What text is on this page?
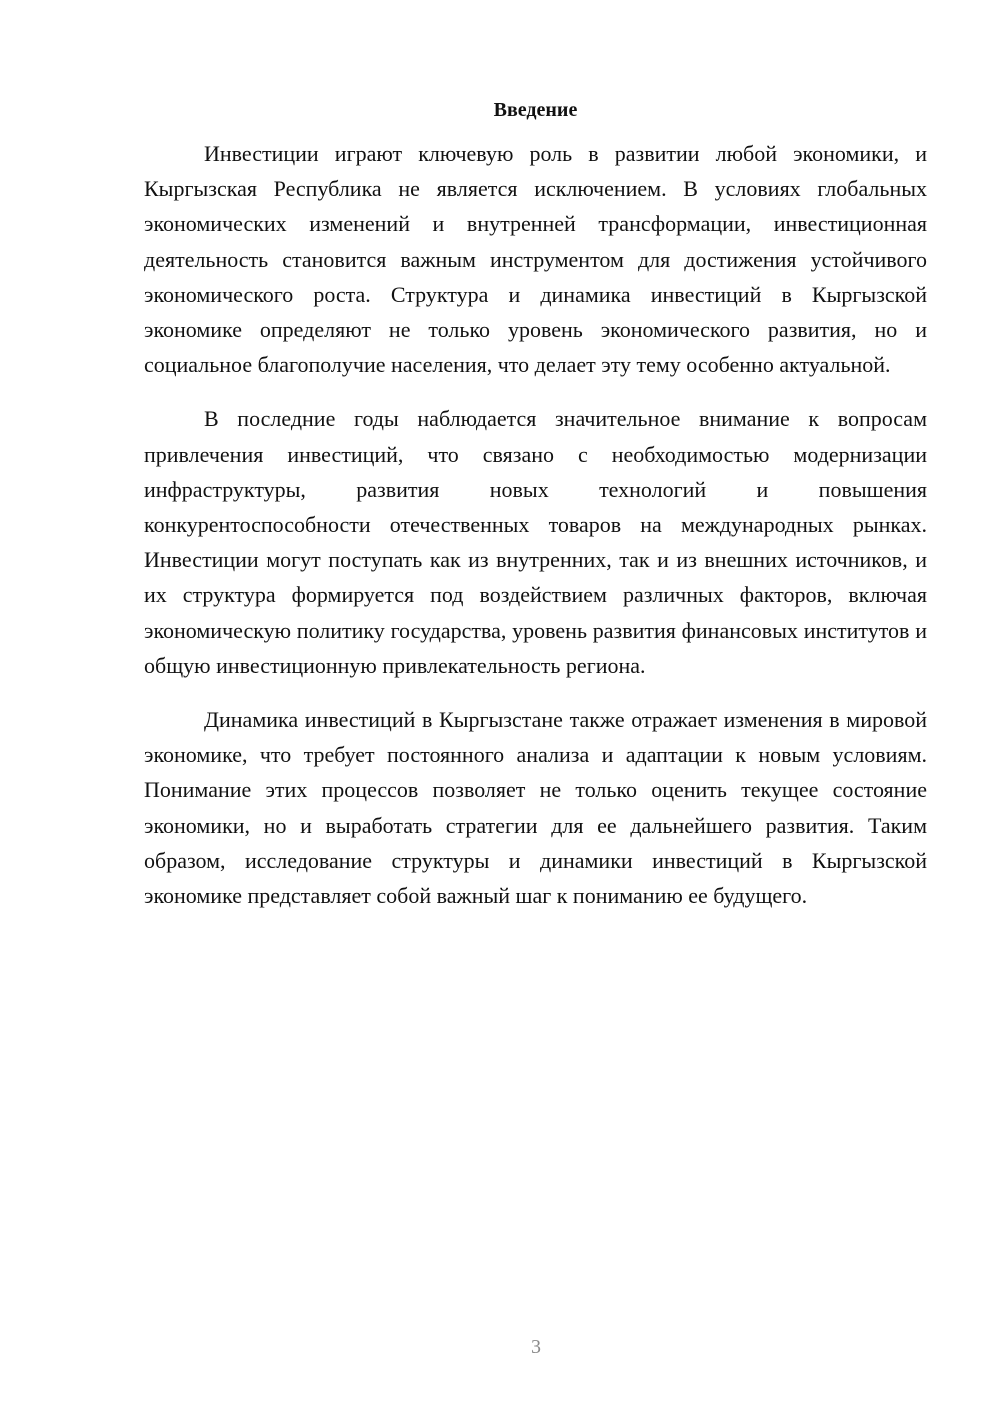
Введение

Инвестиции играют ключевую роль в развитии любой экономики, и Кыргызская Республика не является исключением. В условиях глобальных экономических изменений и внутренней трансформации, инвестиционная деятельность становится важным инструментом для достижения устойчивого экономического роста. Структура и динамика инвестиций в Кыргызской экономике определяют не только уровень экономического развития, но и социальное благополучие населения, что делает эту тему особенно актуальной.

В последние годы наблюдается значительное внимание к вопросам привлечения инвестиций, что связано с необходимостью модернизации инфраструктуры, развития новых технологий и повышения конкурентоспособности отечественных товаров на международных рынках. Инвестиции могут поступать как из внутренних, так и из внешних источников, и их структура формируется под воздействием различных факторов, включая экономическую политику государства, уровень развития финансовых институтов и общую инвестиционную привлекательность региона.

Динамика инвестиций в Кыргызстане также отражает изменения в мировой экономике, что требует постоянного анализа и адаптации к новым условиям. Понимание этих процессов позволяет не только оценить текущее состояние экономики, но и выработать стратегии для ее дальнейшего развития. Таким образом, исследование структуры и динамики инвестиций в Кыргызской экономике представляет собой важный шаг к пониманию ее будущего.

3
